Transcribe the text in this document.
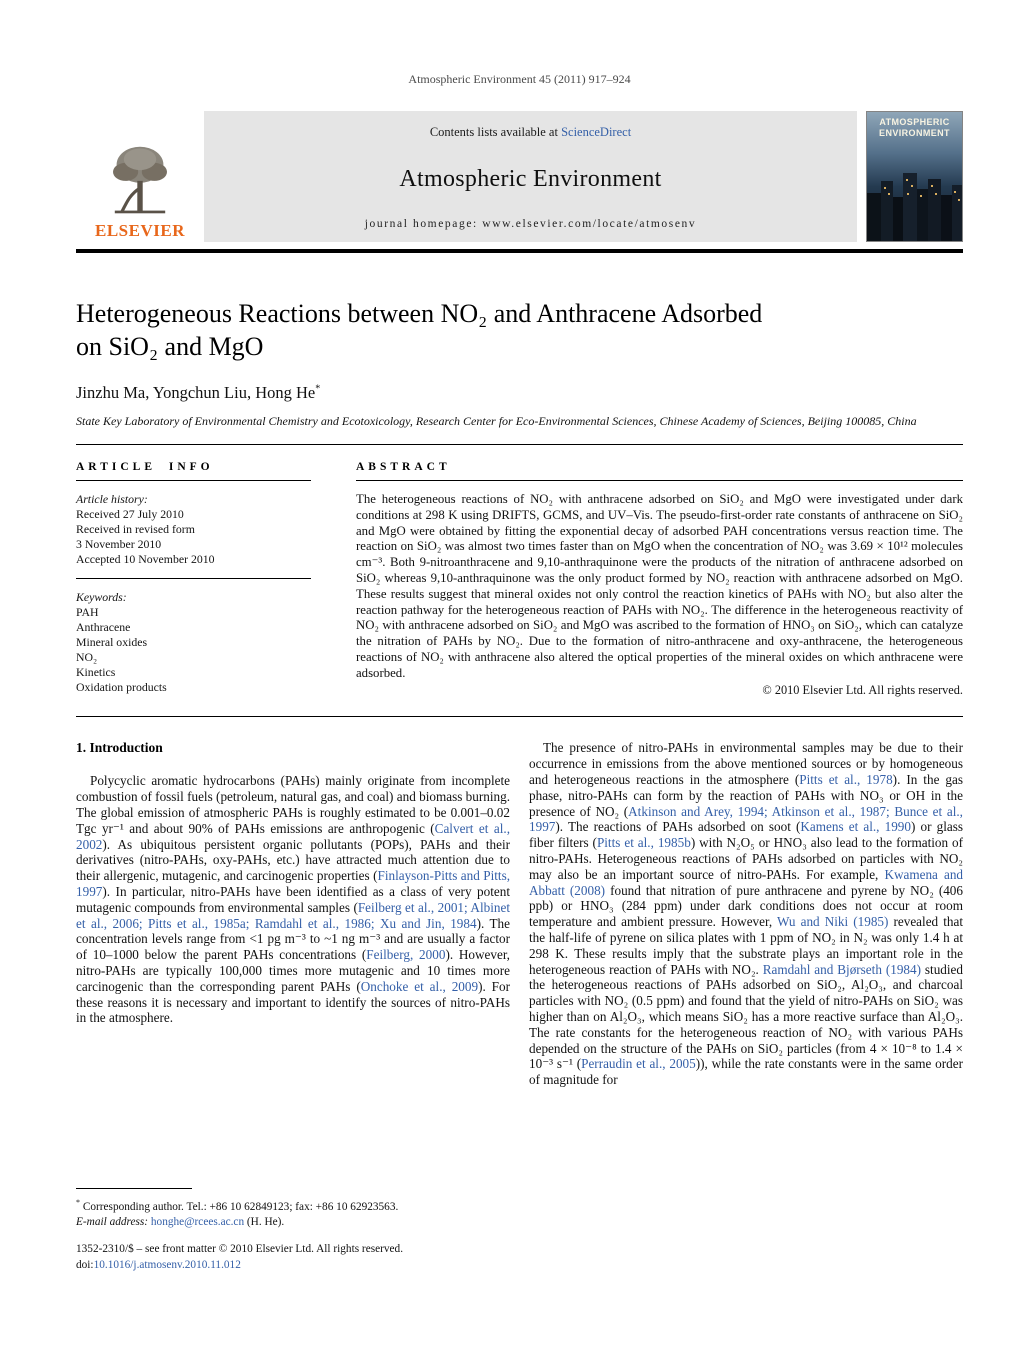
Atmospheric Environment 45 (2011) 917–924
ELSEVIER
Contents lists available at ScienceDirect
Atmospheric Environment
journal homepage: www.elsevier.com/locate/atmosenv
ATMOSPHERIC
ENVIRONMENT
Heterogeneous Reactions between NO₂ and Anthracene Adsorbed
on SiO₂ and MgO
Jinzhu Ma, Yongchun Liu, Hong He*
State Key Laboratory of Environmental Chemistry and Ecotoxicology, Research Center for Eco-Environmental Sciences, Chinese Academy of Sciences, Beijing 100085, China
ARTICLE INFO
Article history:
Received 27 July 2010
Received in revised form
3 November 2010
Accepted 10 November 2010
Keywords:
PAH
Anthracene
Mineral oxides
NO₂
Kinetics
Oxidation products
ABSTRACT

The heterogeneous reactions of NO₂ with anthracene adsorbed on SiO₂ and MgO were investigated under dark conditions at 298 K using DRIFTS, GCMS, and UV–Vis. The pseudo-first-order rate constants of anthracene on SiO₂ and MgO were obtained by fitting the exponential decay of adsorbed PAH concentrations versus reaction time. The reaction on SiO₂ was almost two times faster than on MgO when the concentration of NO₂ was 3.69 × 10¹² molecules cm⁻³. Both 9-nitroanthracene and 9,10-anthraquinone were the products of the nitration of anthracene adsorbed on SiO₂ whereas 9,10-anthraquinone was the only product formed by NO₂ reaction with anthracene adsorbed on MgO. These results suggest that mineral oxides not only control the reaction kinetics of PAHs with NO₂ but also alter the reaction pathway for the heterogeneous reaction of PAHs with NO₂. The difference in the heterogeneous reactivity of NO₂ with anthracene adsorbed on SiO₂ and MgO was ascribed to the formation of HNO₃ on SiO₂, which can catalyze the nitration of PAHs by NO₂. Due to the formation of nitro-anthracene and oxy-anthracene, the heterogeneous reactions of NO₂ with anthracene also altered the optical properties of the mineral oxides on which anthracene were adsorbed.

© 2010 Elsevier Ltd. All rights reserved.
1. Introduction

Polycyclic aromatic hydrocarbons (PAHs) mainly originate from incomplete combustion of fossil fuels (petroleum, natural gas, and coal) and biomass burning. The global emission of atmospheric PAHs is roughly estimated to be 0.001–0.02 Tgc yr⁻¹ and about 90% of PAHs emissions are anthropogenic (Calvert et al., 2002). As ubiquitous persistent organic pollutants (POPs), PAHs and their derivatives (nitro-PAHs, oxy-PAHs, etc.) have attracted much attention due to their allergenic, mutagenic, and carcinogenic properties (Finlayson-Pitts and Pitts, 1997). In particular, nitro-PAHs have been identified as a class of very potent mutagenic compounds from environmental samples (Feilberg et al., 2001; Albinet et al., 2006; Pitts et al., 1985a; Ramdahl et al., 1986; Xu and Jin, 1984). The concentration levels range from <1 pg m⁻³ to ~1 ng m⁻³ and are usually a factor of 10–1000 below the parent PAHs concentrations (Feilberg, 2000). However, nitro-PAHs are typically 100,000 times more mutagenic and 10 times more carcinogenic than the corresponding parent PAHs (Onchoke et al., 2009). For these reasons it is necessary and important to identify the sources of nitro-PAHs in the atmosphere.

The presence of nitro-PAHs in environmental samples may be due to their occurrence in emissions from the above mentioned sources or by homogeneous and heterogeneous reactions in the atmosphere (Pitts et al., 1978). In the gas phase, nitro-PAHs can form by the reaction of PAHs with NO₃ or OH in the presence of NO₂ (Atkinson and Arey, 1994; Atkinson et al., 1987; Bunce et al., 1997). The reactions of PAHs adsorbed on soot (Kamens et al., 1990) or glass fiber filters (Pitts et al., 1985b) with N₂O₅ or HNO₃ also lead to the formation of nitro-PAHs. Heterogeneous reactions of PAHs adsorbed on particles with NO₂ may also be an important source of nitro-PAHs. For example, Kwamena and Abbatt (2008) found that nitration of pure anthracene and pyrene by NO₂ (406 ppb) or HNO₃ (284 ppm) under dark conditions does not occur at room temperature and ambient pressure. However, Wu and Niki (1985) revealed that the half-life of pyrene on silica plates with 1 ppm of NO₂ in N₂ was only 1.4 h at 298 K. These results imply that the substrate plays an important role in the heterogeneous reaction of PAHs with NO₂. Ramdahl and Bjørseth (1984) studied the heterogeneous reactions of PAHs adsorbed on SiO₂, Al₂O₃, and charcoal particles with NO₂ (0.5 ppm) and found that the yield of nitro-PAHs on SiO₂ was higher than on Al₂O₃, which means SiO₂ has a more reactive surface than Al₂O₃. The rate constants for the heterogeneous reaction of NO₂ with various PAHs depended on the structure of the PAHs on SiO₂ particles (from 4 × 10⁻⁸ to 1.4 × 10⁻³ s⁻¹ (Perraudin et al., 2005)), while the rate constants were in the same order of magnitude for

* Corresponding author. Tel.: +86 10 62849123; fax: +86 10 62923563.
E-mail address: honghe@rcees.ac.cn (H. He).
1352-2310/$ – see front matter © 2010 Elsevier Ltd. All rights reserved.
doi:10.1016/j.atmosenv.2010.11.012
